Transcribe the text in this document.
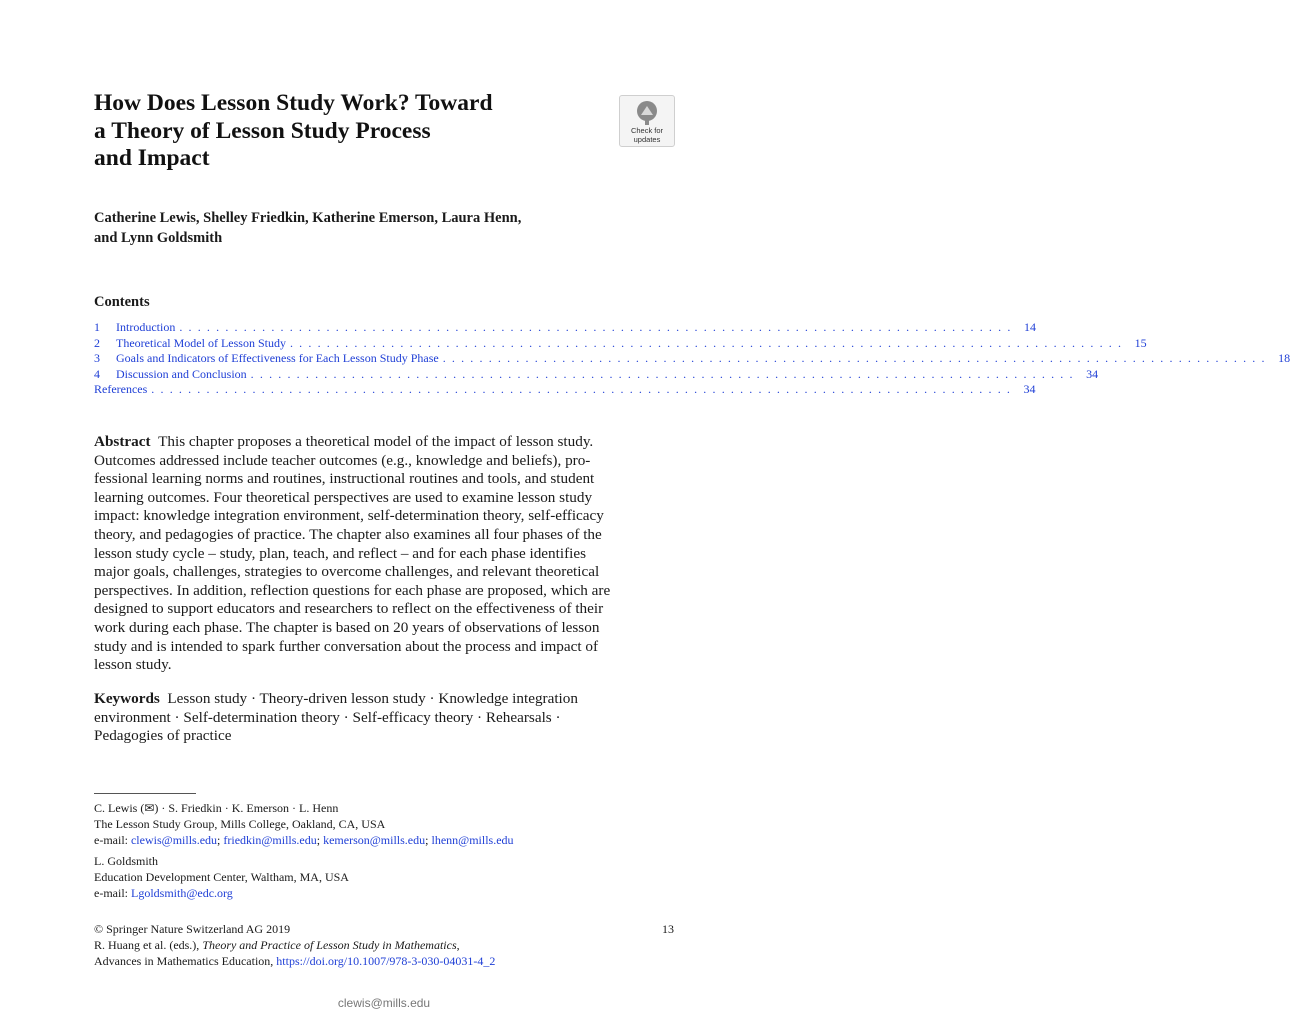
How Does Lesson Study Work? Toward
a Theory of Lesson Study Process
and Impact
Check for
updates
Catherine Lewis, Shelley Friedkin, Katherine Emerson, Laura Henn,
and Lynn Goldsmith
Contents
1	Introduction . . . . . . . . . . . . . . . . . . . . . . . . . . . . . . . . . . . . . . . . . . . . . . . . . . . . . . . . . . . . . . . . . . . . . . . . . . . . . . . . . . . . . . . . . . .	14
2	Theoretical Model of Lesson Study . . . . . . . . . . . . . . . . . . . . . . . . . . . . . . . . . . . . . . . . . . . . . . . . . . . . . . . . . . . . . . . . . . . . . . . . . . . . . . . . . . . . . . . . . . .	15
3	Goals and Indicators of Effectiveness for Each Lesson Study Phase . . . . . . . . . . . . . . . . . . . . . . . . . . . . . . . . . . . . . . . . . . . . . . . . . . . . . . . . . . . . . . . . . . . . . . . . . . . . . . . . . . . . . . . . . .	18
4	Discussion and Conclusion . . . . . . . . . . . . . . . . . . . . . . . . . . . . . . . . . . . . . . . . . . . . . . . . . . . . . . . . . . . . . . . . . . . . . . . . . . . . . . . . . . . . . . . . . .	34
References . . . . . . . . . . . . . . . . . . . . . . . . . . . . . . . . . . . . . . . . . . . . . . . . . . . . . . . . . . . . . . . . . . . . . . . . . . . . . . . . . . . . . . . . . . . . . .	34
Abstract This chapter proposes a theoretical model of the impact of lesson study.
Outcomes addressed include teacher outcomes (e.g., knowledge and beliefs), pro-
fessional learning norms and routines, instructional routines and tools, and student
learning outcomes. Four theoretical perspectives are used to examine lesson study
impact: knowledge integration environment, self-determination theory, self-efficacy
theory, and pedagogies of practice. The chapter also examines all four phases of the
lesson study cycle – study, plan, teach, and reflect – and for each phase identifies
major goals, challenges, strategies to overcome challenges, and relevant theoretical
perspectives. In addition, reflection questions for each phase are proposed, which are
designed to support educators and researchers to reflect on the effectiveness of their
work during each phase. The chapter is based on 20 years of observations of lesson
study and is intended to spark further conversation about the process and impact of
lesson study.
Keywords Lesson study · Theory-driven lesson study · Knowledge integration
environment · Self-determination theory · Self-efficacy theory · Rehearsals ·
Pedagogies of practice
C. Lewis (✉) · S. Friedkin · K. Emerson · L. Henn
The Lesson Study Group, Mills College, Oakland, CA, USA
e-mail: clewis@mills.edu; friedkin@mills.edu; kemerson@mills.edu; lhenn@mills.edu
L. Goldsmith
Education Development Center, Waltham, MA, USA
e-mail: Lgoldsmith@edc.org
© Springer Nature Switzerland AG 2019	13
R. Huang et al. (eds.), Theory and Practice of Lesson Study in Mathematics,
Advances in Mathematics Education, https://doi.org/10.1007/978-3-030-04031-4_2
clewis@mills.edu
